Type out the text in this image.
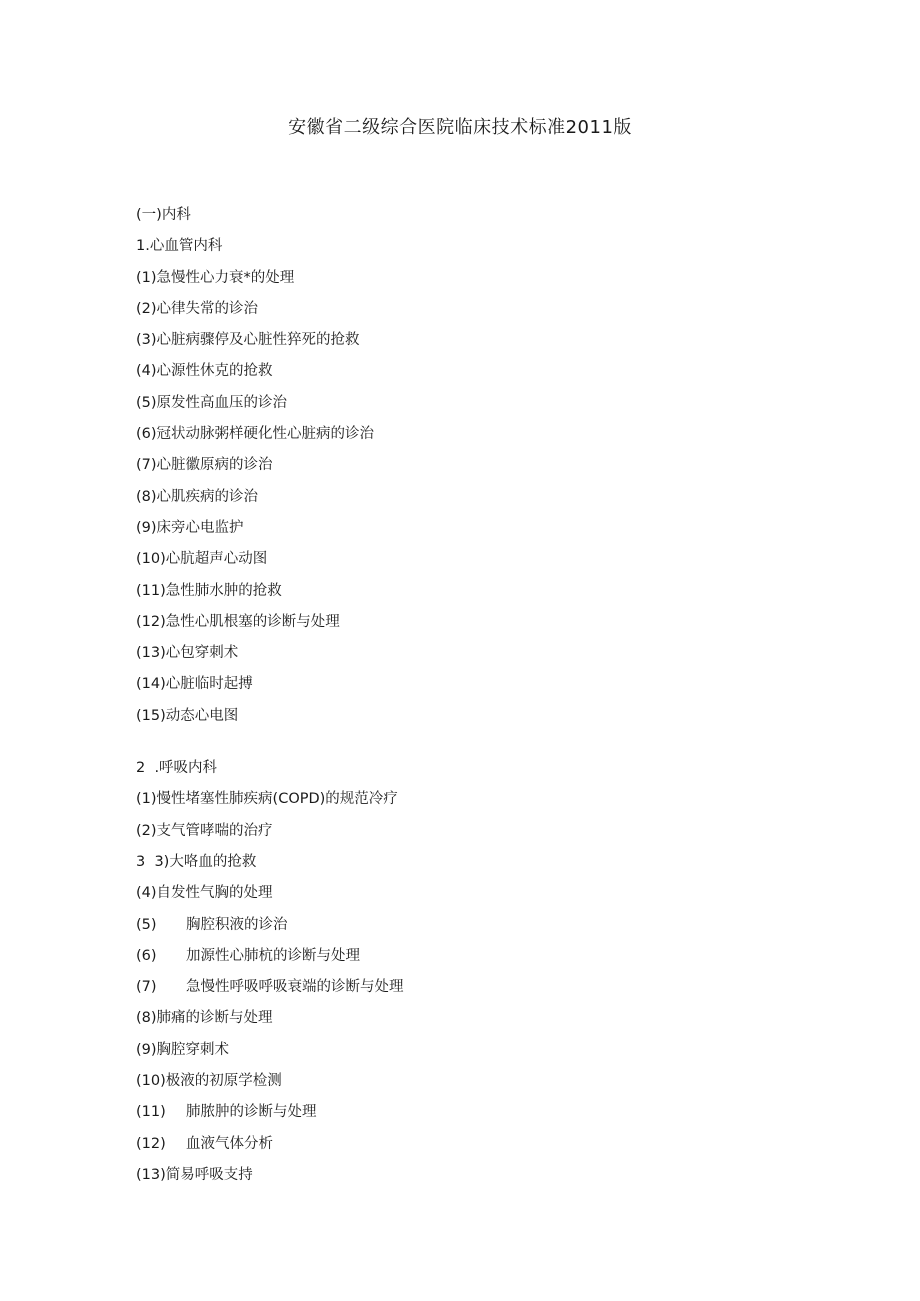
安徽省二级综合医院临床技术标准2011版
(一)内科
1.心血管内科
(1)急慢性心力衰*的处理
(2)心律失常的诊治
(3)心脏病骤停及心脏性猝死的抢救
(4)心源性休克的抢救
(5)原发性高血压的诊治
(6)冠状动脉粥样硬化性心脏病的诊治
(7)心脏徽原病的诊治
(8)心肌疾病的诊治
(9)床旁心电监护
(10)心肮超声心动图
(11)急性肺水肿的抢救
(12)急性心肌根塞的诊断与处理
(13)心包穿刺术
(14)心脏临时起搏
(15)动态心电图
2  .呼吸内科
(1)慢性堵塞性肺疾病(COPD)的规范冷疗
(2)支气管哮喘的治疗
3  3)大咯血的抢救
(4)自发性气胸的处理
(5) 胸腔积液的诊治
(6) 加源性心肺杭的诊断与处理
(7) 急慢性呼吸呼吸衰端的诊断与处理
(8)肺痛的诊断与处理
(9)胸腔穿刺术
(10)极液的初原学检测
(11) 肺脓肿的诊断与处理
(12) 血液气体分析
(13)简易呼吸支持
